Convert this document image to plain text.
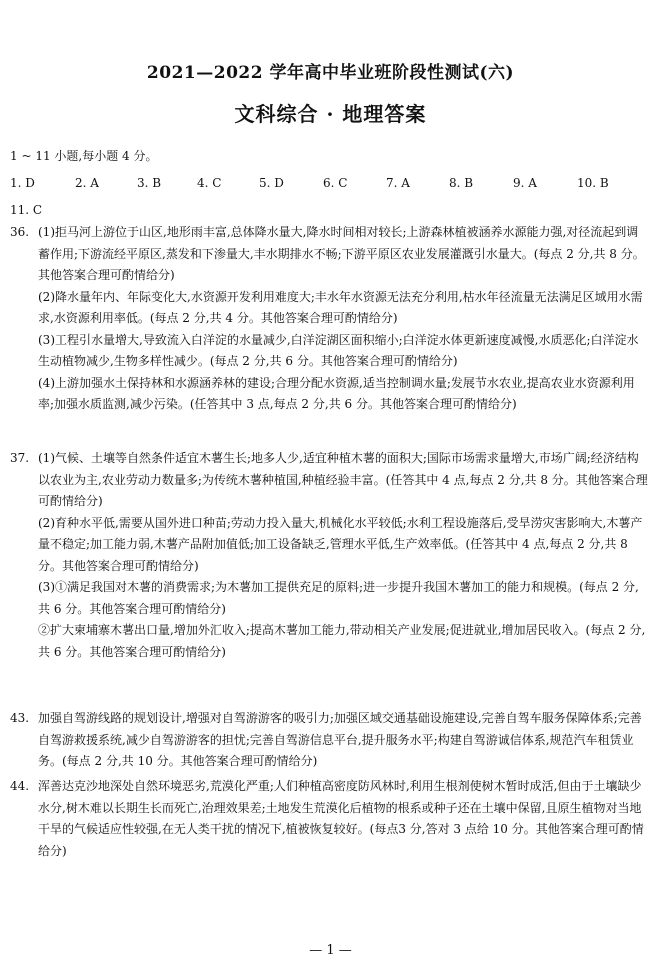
2021—2022 学年高中毕业班阶段性测试(六)
文科综合 · 地理答案
1 ~ 11 小题,每小题 4 分。
1. D	2. A	3. B	4. C	5. D	6. C	7. A	8. B	9. A	10. B
11. C
36. (1)拒马河上游位于山区,地形雨丰富,总体降水量大,降水时间相对较长;上游森林植被涵养水源能力强,对径流起到调蓄作用;下游流经平原区,蒸发和下渗量大,丰水期排水不畅;下游平原区农业发展灌溉引水量大。(每点 2 分,共 8 分。其他答案合理可酌情给分)
(2)降水量年内、年际变化大,水资源开发利用难度大;丰水年水资源无法充分利用,枯水年径流量无法满足区域用水需求,水资源利用率低。(每点 2 分,共 4 分。其他答案合理可酌情给分)
(3)工程引水量增大,导致流入白洋淀的水量减少,白洋淀湖区面积缩小;白洋淀水体更新速度减慢,水质恶化;白洋淀水生动植物减少,生物多样性减少。(每点 2 分,共 6 分。其他答案合理可酌情给分)
(4)上游加强水土保持林和水源涵养林的建设;合理分配水资源,适当控制调水量;发展节水农业,提高农业水资源利用率;加强水质监测,减少污染。(任答其中 3 点,每点 2 分,共 6 分。其他答案合理可酌情给分)
37. (1)气候、土壤等自然条件适宜木薯生长;地多人少,适宜种植木薯的面积大;国际市场需求量增大,市场广阔;经济结构以农业为主,农业劳动力数量多;为传统木薯种植国,种植经验丰富。(任答其中 4 点,每点 2 分,共 8 分。其他答案合理可酌情给分)
(2)育种水平低,需要从国外进口种苗;劳动力投入量大,机械化水平较低;水利工程设施落后,受旱涝灾害影响大,木薯产量不稳定;加工能力弱,木薯产品附加值低;加工设备缺乏,管理水平低,生产效率低。(任答其中 4 点,每点 2 分,共 8 分。其他答案合理可酌情给分)
(3)①满足我国对木薯的消费需求;为木薯加工提供充足的原料;进一步提升我国木薯加工的能力和规模。(每点 2 分,共 6 分。其他答案合理可酌情给分)
②扩大柬埔寨木薯出口量,增加外汇收入;提高木薯加工能力,带动相关产业发展;促进就业,增加居民收入。(每点 2 分,共 6 分。其他答案合理可酌情给分)
43. 加强自驾游线路的规划设计,增强对自驾游游客的吸引力;加强区域交通基础设施建设,完善自驾车服务保障体系;完善自驾游救援系统,减少自驾游游客的担忧;完善自驾游信息平台,提升服务水平;构建自驾游诚信体系,规范汽车租赁业务。(每点 2 分,共 10 分。其他答案合理可酌情给分)
44. 浑善达克沙地深处自然环境恶劣,荒漠化严重;人们种植高密度防风林时,利用生根剂使树木暂时成活,但由于土壤缺少水分,树木难以长期生长而死亡,治理效果差;土地发生荒漠化后植物的根系或种子还在土壤中保留,且原生植物对当地干旱的气候适应性较强,在无人类干扰的情况下,植被恢复较好。(每点3 分,答对 3 点给 10 分。其他答案合理可酌情给分)
— 1 —
